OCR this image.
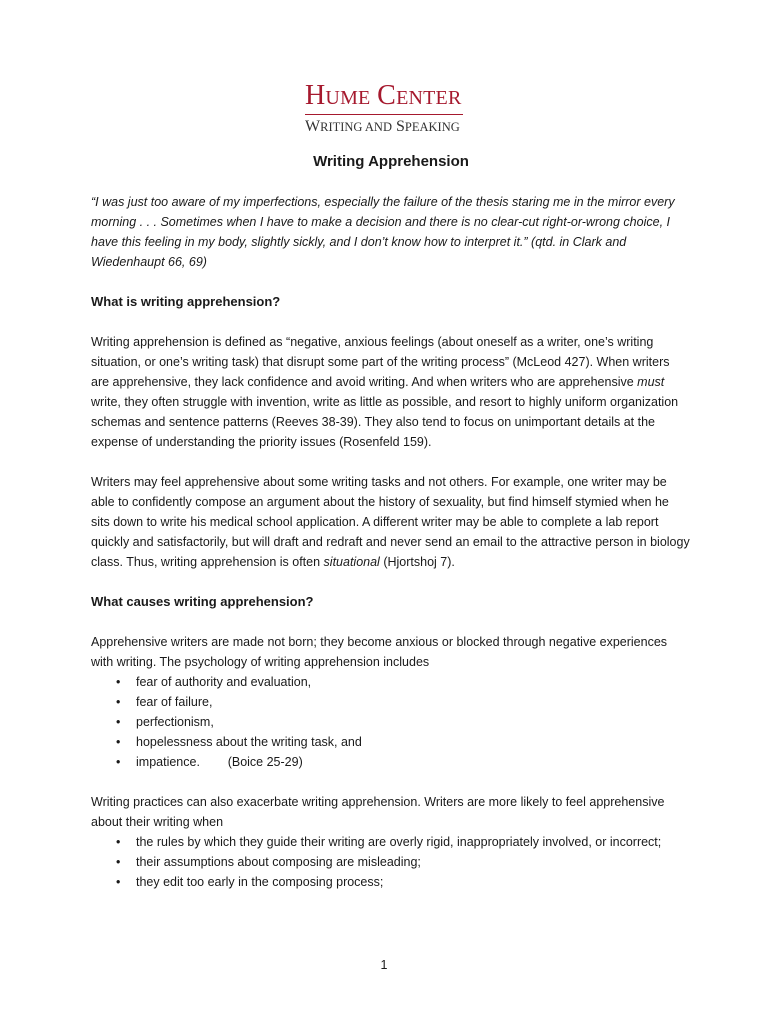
HUME CENTER
WRITING AND SPEAKING
Writing Apprehension

“I was just too aware of my imperfections, especially the failure of the thesis staring me in the mirror every morning . . . Sometimes when I have to make a decision and there is no clear-cut right-or-wrong choice, I have this feeling in my body, slightly sickly, and I don’t know how to interpret it.” (qtd. in Clark and Wiedenhaupt 66, 69)

What is writing apprehension?

Writing apprehension is defined as “negative, anxious feelings (about oneself as a writer, one’s writing situation, or one’s writing task) that disrupt some part of the writing process” (McLeod 427). When writers are apprehensive, they lack confidence and avoid writing. And when writers who are apprehensive must write, they often struggle with invention, write as little as possible, and resort to highly uniform organization schemas and sentence patterns (Reeves 38-39). They also tend to focus on unimportant details at the expense of understanding the priority issues (Rosenfeld 159).

Writers may feel apprehensive about some writing tasks and not others. For example, one writer may be able to confidently compose an argument about the history of sexuality, but find himself stymied when he sits down to write his medical school application. A different writer may be able to complete a lab report quickly and satisfactorily, but will draft and redraft and never send an email to the attractive person in biology class. Thus, writing apprehension is often situational (Hjortshoj 7).

What causes writing apprehension?

Apprehensive writers are made not born; they become anxious or blocked through negative experiences with writing. The psychology of writing apprehension includes

• fear of authority and evaluation,
• fear of failure,
• perfectionism,
• hopelessness about the writing task, and
• impatience.        (Boice 25-29)

Writing practices can also exacerbate writing apprehension. Writers are more likely to feel apprehensive about their writing when

• the rules by which they guide their writing are overly rigid, inappropriately involved, or incorrect;
• their assumptions about composing are misleading;
• they edit too early in the composing process;
1
